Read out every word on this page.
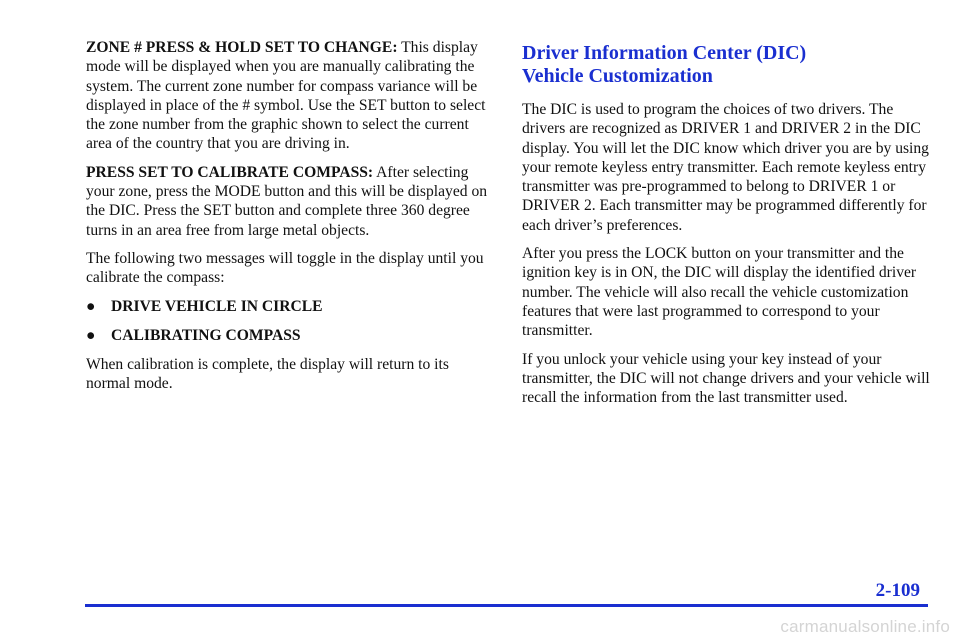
ZONE # PRESS & HOLD SET TO CHANGE: This display mode will be displayed when you are manually calibrating the system. The current zone number for compass variance will be displayed in place of the # symbol. Use the SET button to select the zone number from the graphic shown to select the current area of the country that you are driving in.

PRESS SET TO CALIBRATE COMPASS: After selecting your zone, press the MODE button and this will be displayed on the DIC. Press the SET button and complete three 360 degree turns in an area free from large metal objects.

The following two messages will toggle in the display until you calibrate the compass:

● DRIVE VEHICLE IN CIRCLE

● CALIBRATING COMPASS

When calibration is complete, the display will return to its normal mode.

Driver Information Center (DIC)
Vehicle Customization

The DIC is used to program the choices of two drivers. The drivers are recognized as DRIVER 1 and DRIVER 2 in the DIC display. You will let the DIC know which driver you are by using your remote keyless entry transmitter. Each remote keyless entry transmitter was pre-programmed to belong to DRIVER 1 or DRIVER 2. Each transmitter may be programmed differently for each driver’s preferences.

After you press the LOCK button on your transmitter and the ignition key is in ON, the DIC will display the identified driver number. The vehicle will also recall the vehicle customization features that were last programmed to correspond to your transmitter.

If you unlock your vehicle using your key instead of your transmitter, the DIC will not change drivers and your vehicle will recall the information from the last transmitter used.

2-109
carmanualsonline.info
